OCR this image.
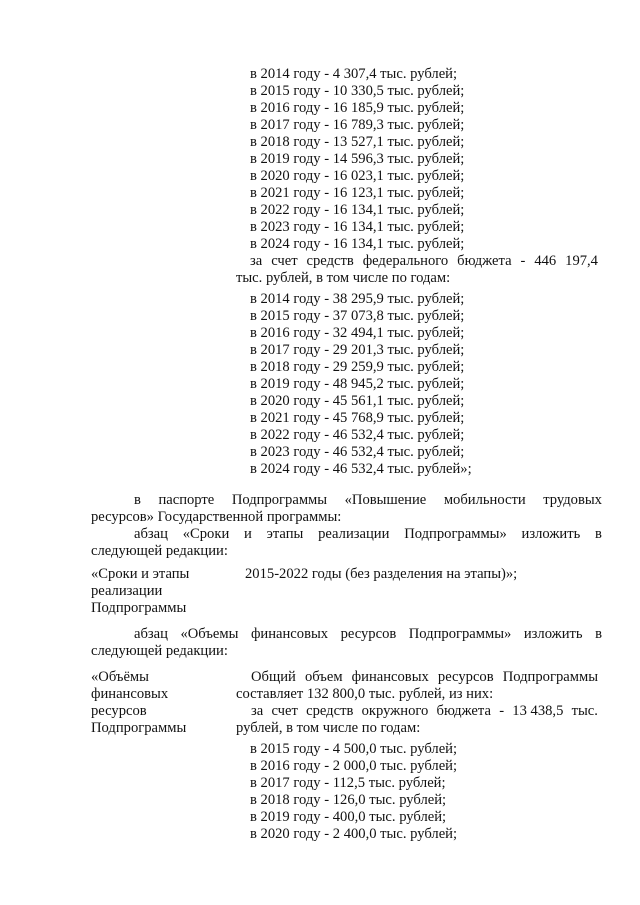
в 2014 году - 4 307,4 тыс. рублей;
в 2015 году - 10 330,5 тыс. рублей;
в 2016 году - 16 185,9 тыс. рублей;
в 2017 году - 16 789,3 тыс. рублей;
в 2018 году - 13 527,1 тыс. рублей;
в 2019 году - 14 596,3 тыс. рублей;
в 2020 году - 16 023,1 тыс. рублей;
в 2021 году - 16 123,1 тыс. рублей;
в 2022 году - 16 134,1 тыс. рублей;
в 2023 году - 16 134,1 тыс. рублей;
в 2024 году - 16 134,1 тыс. рублей;
за счет средств федерального бюджета - 446 197,4
тыс. рублей, в том числе по годам:
в 2014 году - 38 295,9 тыс. рублей;
в 2015 году - 37 073,8 тыс. рублей;
в 2016 году - 32 494,1 тыс. рублей;
в 2017 году - 29 201,3 тыс. рублей;
в 2018 году - 29 259,9 тыс. рублей;
в 2019 году - 48 945,2 тыс. рублей;
в 2020 году - 45 561,1 тыс. рублей;
в 2021 году - 45 768,9 тыс. рублей;
в 2022 году - 46 532,4 тыс. рублей;
в 2023 году - 46 532,4 тыс. рублей;
в 2024 году - 46 532,4 тыс. рублей»;
в паспорте Подпрограммы «Повышение мобильности трудовых
ресурсов» Государственной программы:
абзац «Сроки и этапы реализации Подпрограммы» изложить в
следующей редакции:
«Сроки и этапы
реализации
Подпрограммы
2015-2022 годы (без разделения на этапы)»;
абзац «Объемы финансовых ресурсов Подпрограммы» изложить в
следующей редакции:
«Объёмы
финансовых
ресурсов
Подпрограммы
Общий объем финансовых ресурсов Подпрограммы
составляет 132 800,0 тыс. рублей, из них:
за счет средств окружного бюджета - 13 438,5 тыс.
рублей, в том числе по годам:
в 2015 году - 4 500,0 тыс. рублей;
в 2016 году - 2 000,0 тыс. рублей;
в 2017 году - 112,5 тыс. рублей;
в 2018 году - 126,0 тыс. рублей;
в 2019 году - 400,0 тыс. рублей;
в 2020 году - 2 400,0 тыс. рублей;
